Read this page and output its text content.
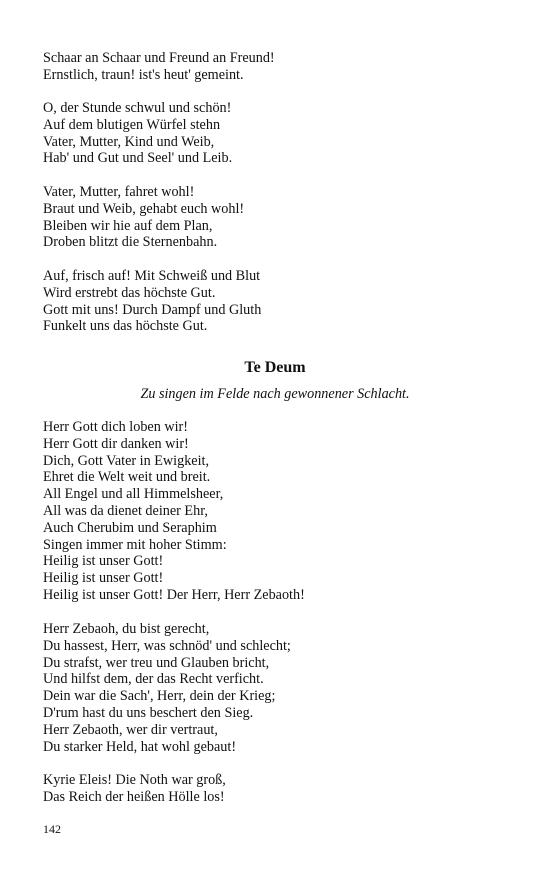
Schaar an Schaar und Freund an Freund!
Ernstlich, traun! ist's heut' gemeint.
O, der Stunde schwul und schön!
Auf dem blutigen Würfel stehn
Vater, Mutter, Kind und Weib,
Hab' und Gut und Seel' und Leib.
Vater, Mutter, fahret wohl!
Braut und Weib, gehabt euch wohl!
Bleiben wir hie auf dem Plan,
Droben blitzt die Sternenbahn.
Auf, frisch auf! Mit Schweiß und Blut
Wird erstrebt das höchste Gut.
Gott mit uns! Durch Dampf und Gluth
Funkelt uns das höchste Gut.
Te Deum
Zu singen im Felde nach gewonnener Schlacht.
Herr Gott dich loben wir!
Herr Gott dir danken wir!
Dich, Gott Vater in Ewigkeit,
Ehret die Welt weit und breit.
All Engel und all Himmelsheer,
All was da dienet deiner Ehr,
Auch Cherubim und Seraphim
Singen immer mit hoher Stimm:
Heilig ist unser Gott!
Heilig ist unser Gott!
Heilig ist unser Gott! Der Herr, Herr Zebaoth!
Herr Zebaoh, du bist gerecht,
Du hassest, Herr, was schnöd' und schlecht;
Du strafst, wer treu und Glauben bricht,
Und hilfst dem, der das Recht verficht.
Dein war die Sach', Herr, dein der Krieg;
D'rum hast du uns beschert den Sieg.
Herr Zebaoth, wer dir vertraut,
Du starker Held, hat wohl gebaut!
Kyrie Eleis! Die Noth war groß,
Das Reich der heißen Hölle los!
142
